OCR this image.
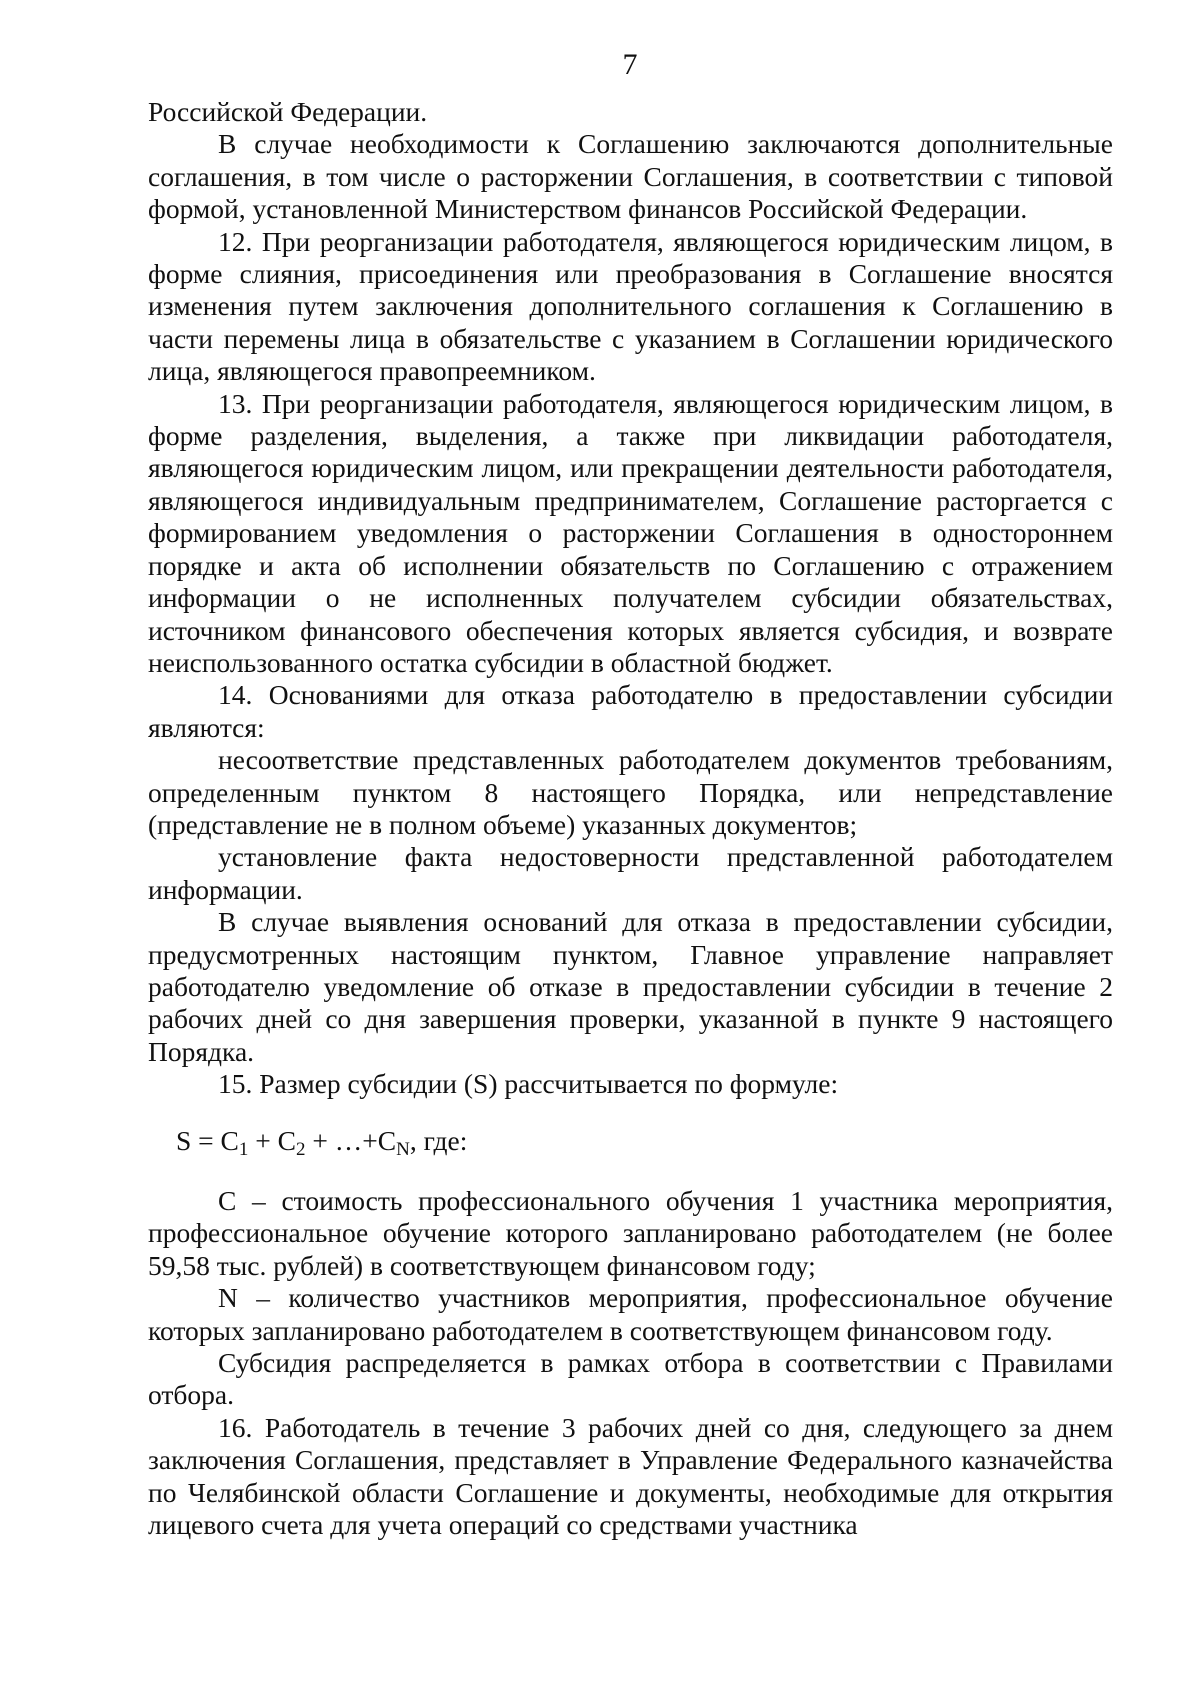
7

Российской Федерации.

В случае необходимости к Соглашению заключаются дополнительные соглашения, в том числе о расторжении Соглашения, в соответствии с типовой формой, установленной Министерством финансов Российской Федерации.

12. При реорганизации работодателя, являющегося юридическим лицом, в форме слияния, присоединения или преобразования в Соглашение вносятся изменения путем заключения дополнительного соглашения к Соглашению в части перемены лица в обязательстве с указанием в Соглашении юридического лица, являющегося правопреемником.

13. При реорганизации работодателя, являющегося юридическим лицом, в форме разделения, выделения, а также при ликвидации работодателя, являющегося юридическим лицом, или прекращении деятельности работодателя, являющегося индивидуальным предпринимателем, Соглашение расторгается с формированием уведомления о расторжении Соглашения в одностороннем порядке и акта об исполнении обязательств по Соглашению с отражением информации о не исполненных получателем субсидии обязательствах, источником финансового обеспечения которых является субсидия, и возврате неиспользованного остатка субсидии в областной бюджет.

14. Основаниями для отказа работодателю в предоставлении субсидии являются:

несоответствие представленных работодателем документов требованиям, определенным пунктом 8 настоящего Порядка, или непредставление (представление не в полном объеме) указанных документов;

установление факта недостоверности представленной работодателем информации.

В случае выявления оснований для отказа в предоставлении субсидии, предусмотренных настоящим пунктом, Главное управление направляет работодателю уведомление об отказе в предоставлении субсидии в течение 2 рабочих дней со дня завершения проверки, указанной в пункте 9 настоящего Порядка.

15. Размер субсидии (S) рассчитывается по формуле:

$S = C_1 + C_2$ + $\dots+C_N$, где:

С – стоимость профессионального обучения 1 участника мероприятия, профессиональное обучение которого запланировано работодателем (не более 59,58 тыс. рублей) в соответствующем финансовом году;

N – количество участников мероприятия, профессиональное обучение которых запланировано работодателем в соответствующем финансовом году.

Субсидия распределяется в рамках отбора в соответствии с Правилами отбора.

16. Работодатель в течение 3 рабочих дней со дня, следующего за днем заключения Соглашения, представляет в Управление Федерального казначейства по Челябинской области Соглашение и документы, необходимые для открытия лицевого счета для учета операций со средствами участника
